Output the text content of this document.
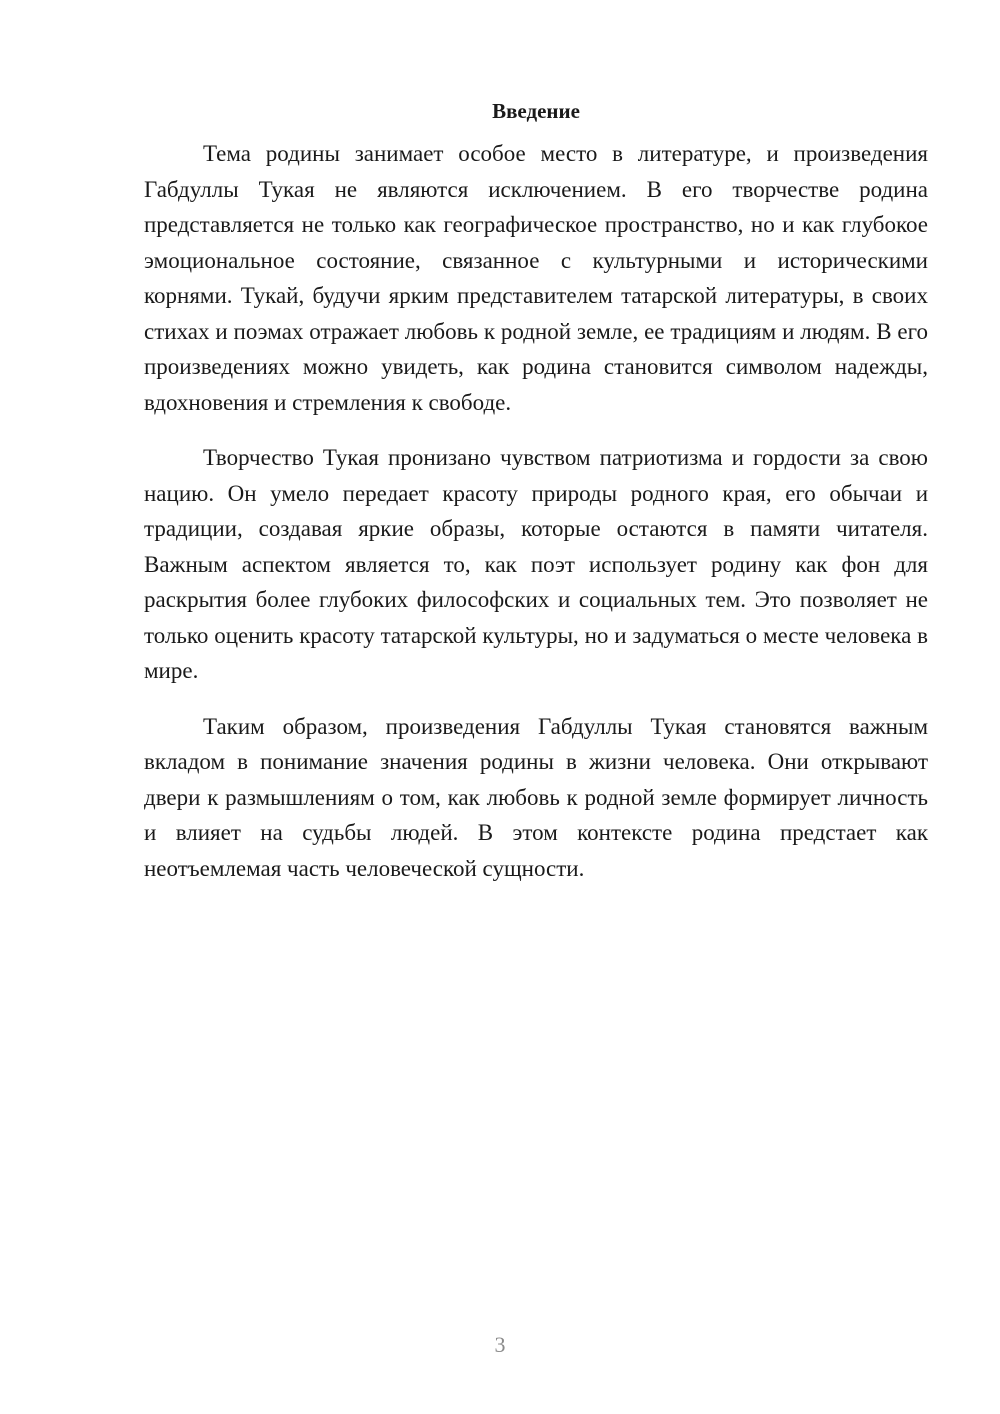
Введение

Тема родины занимает особое место в литературе, и произведения Габдуллы Тукая не являются исключением. В его творчестве родина представляется не только как географическое пространство, но и как глубокое эмоциональное состояние, связанное с культурными и историческими корнями. Тукай, будучи ярким представителем татарской литературы, в своих стихах и поэмах отражает любовь к родной земле, ее традициям и людям. В его произведениях можно увидеть, как родина становится символом надежды, вдохновения и стремления к свободе.

Творчество Тукая пронизано чувством патриотизма и гордости за свою нацию. Он умело передает красоту природы родного края, его обычаи и традиции, создавая яркие образы, которые остаются в памяти читателя. Важным аспектом является то, как поэт использует родину как фон для раскрытия более глубоких философских и социальных тем. Это позволяет не только оценить красоту татарской культуры, но и задуматься о месте человека в мире.

Таким образом, произведения Габдуллы Тукая становятся важным вкладом в понимание значения родины в жизни человека. Они открывают двери к размышлениям о том, как любовь к родной земле формирует личность и влияет на судьбы людей. В этом контексте родина предстает как неотъемлемая часть человеческой сущности.

3
